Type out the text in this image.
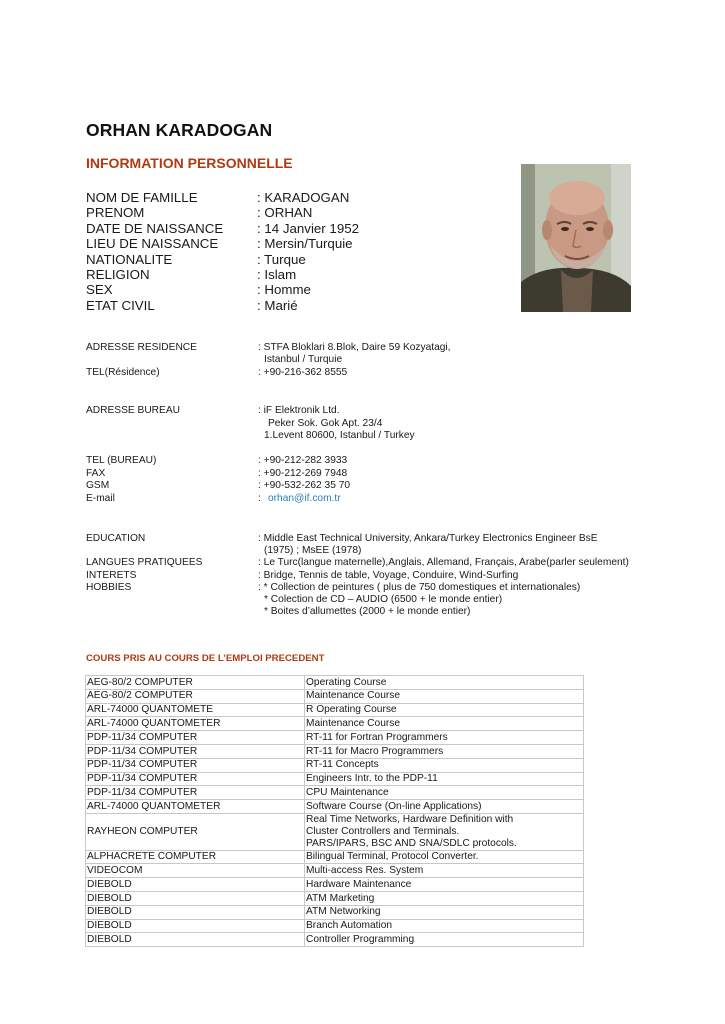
ORHAN KARADOGAN
INFORMATION PERSONNELLE
NOM DE FAMILLE	: KARADOGAN
PRENOM	: ORHAN
DATE DE NAISSANCE	: 14 Janvier 1952
LIEU DE NAISSANCE	: Mersin/Turquie
NATIONALITE	: Turque
RELIGION	: Islam
SEX	: Homme
ETAT CIVIL	: Marié
ADRESSE RESIDENCE	: STFA Bloklari 8.Blok, Daire 59 Kozyatagi,
Istanbul / Turquie
TEL(Résidence)	: +90-216-362 8555
ADRESSE BUREAU	: iF Elektronik Ltd.
Peker Sok. Gok Apt. 23/4
1.Levent 80600, Istanbul / Turkey
TEL (BUREAU)	: +90-212-282 3933
FAX	: +90-212-269 7948
GSM	: +90-532-262 35 70
E-mail	: orhan@if.com.tr
EDUCATION	: Middle East Technical University, Ankara/Turkey Electronics Engineer BsE
(1975) ; MsEE (1978)
LANGUES PRATIQUEES	: Le Turc(langue maternelle),Anglais, Allemand, Français, Arabe(parler seulement)
INTERETS	: Bridge, Tennis de table, Voyage, Conduire, Wind-Surfing
HOBBIES	: * Collection de peintures ( plus de 750 domestiques et internationales)
* Colection de CD – AUDIO (6500 + le monde entier)
* Boites d’allumettes (2000 + le monde entier)
COURS PRIS AU COURS DE L’EMPLOI PRECEDENT
AEG-80/2 COMPUTER	Operating Course
AEG-80/2 COMPUTER	Maintenance Course
ARL-74000 QUANTOMETE	R Operating Course
ARL-74000 QUANTOMETER	Maintenance Course
PDP-11/34 COMPUTER	RT-11 for Fortran Programmers
PDP-11/34 COMPUTER	RT-11 for Macro Programmers
PDP-11/34 COMPUTER	RT-11 Concepts
PDP-11/34 COMPUTER	Engineers Intr. to the PDP-11
PDP-11/34 COMPUTER	CPU Maintenance
ARL-74000 QUANTOMETER	Software Course (On-line Applications)
RAYHEON COMPUTER	Real Time Networks, Hardware Definition with
Cluster Controllers and Terminals.
PARS/IPARS, BSC AND SNA/SDLC protocols.
ALPHACRETE COMPUTER	Bilingual Terminal, Protocol Converter.
VIDEOCOM	Multi-access Res. System
DIEBOLD	Hardware Maintenance
DIEBOLD	ATM Marketing
DIEBOLD	ATM Networking
DIEBOLD	Branch Automation
DIEBOLD	Controller Programming
